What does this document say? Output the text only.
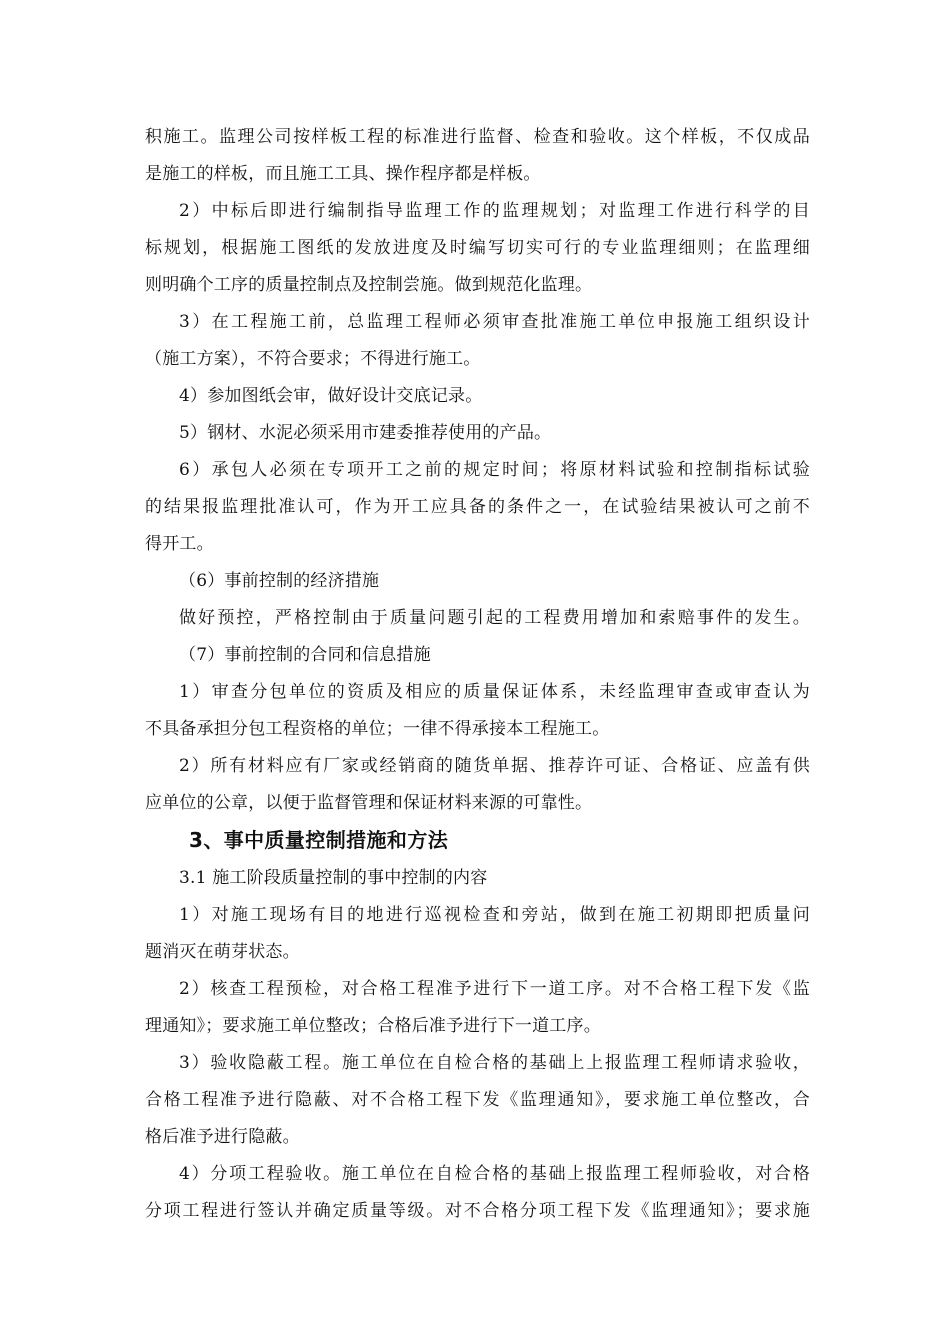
积施工。监理公司按样板工程的标准进行监督、检查和验收。这个样板，不仅成品
是施工的样板，而且施工工具、操作程序都是样板。
2）中标后即进行编制指导监理工作的监理规划；对监理工作进行科学的目
标规划，根据施工图纸的发放进度及时编写切实可行的专业监理细则；在监理细
则明确个工序的质量控制点及控制尝施。做到规范化监理。
3）在工程施工前，总监理工程师必须审查批准施工单位申报施工组织设计
（施工方案），不符合要求；不得进行施工。
4）参加图纸会审，做好设计交底记录。
5）钢材、水泥必须采用市建委推荐使用的产品。
6）承包人必须在专项开工之前的规定时间；将原材料试验和控制指标试验
的结果报监理批准认可，作为开工应具备的条件之一，在试验结果被认可之前不
得开工。
（6）事前控制的经济措施
做好预控，严格控制由于质量问题引起的工程费用增加和索赔事件的发生。
（7）事前控制的合同和信息措施
1）审查分包单位的资质及相应的质量保证体系，未经监理审查或审查认为
不具备承担分包工程资格的单位；一律不得承接本工程施工。
2）所有材料应有厂家或经销商的随货单据、推荐许可证、合格证、应盖有供
应单位的公章，以便于监督管理和保证材料来源的可靠性。
3、事中质量控制措施和方法
3.1 施工阶段质量控制的事中控制的内容
1）对施工现场有目的地进行巡视检查和旁站，做到在施工初期即把质量问
题消灭在萌芽状态。
2）核查工程预检，对合格工程准予进行下一道工序。对不合格工程下发《监
理通知》；要求施工单位整改；合格后准予进行下一道工序。
3）验收隐蔽工程。施工单位在自检合格的基础上上报监理工程师请求验收，
合格工程准予进行隐蔽、对不合格工程下发《监理通知》，要求施工单位整改，合
格后准予进行隐蔽。
4）分项工程验收。施工单位在自检合格的基础上报监理工程师验收，对合格
分项工程进行签认并确定质量等级。对不合格分项工程下发《监理通知》；要求施
